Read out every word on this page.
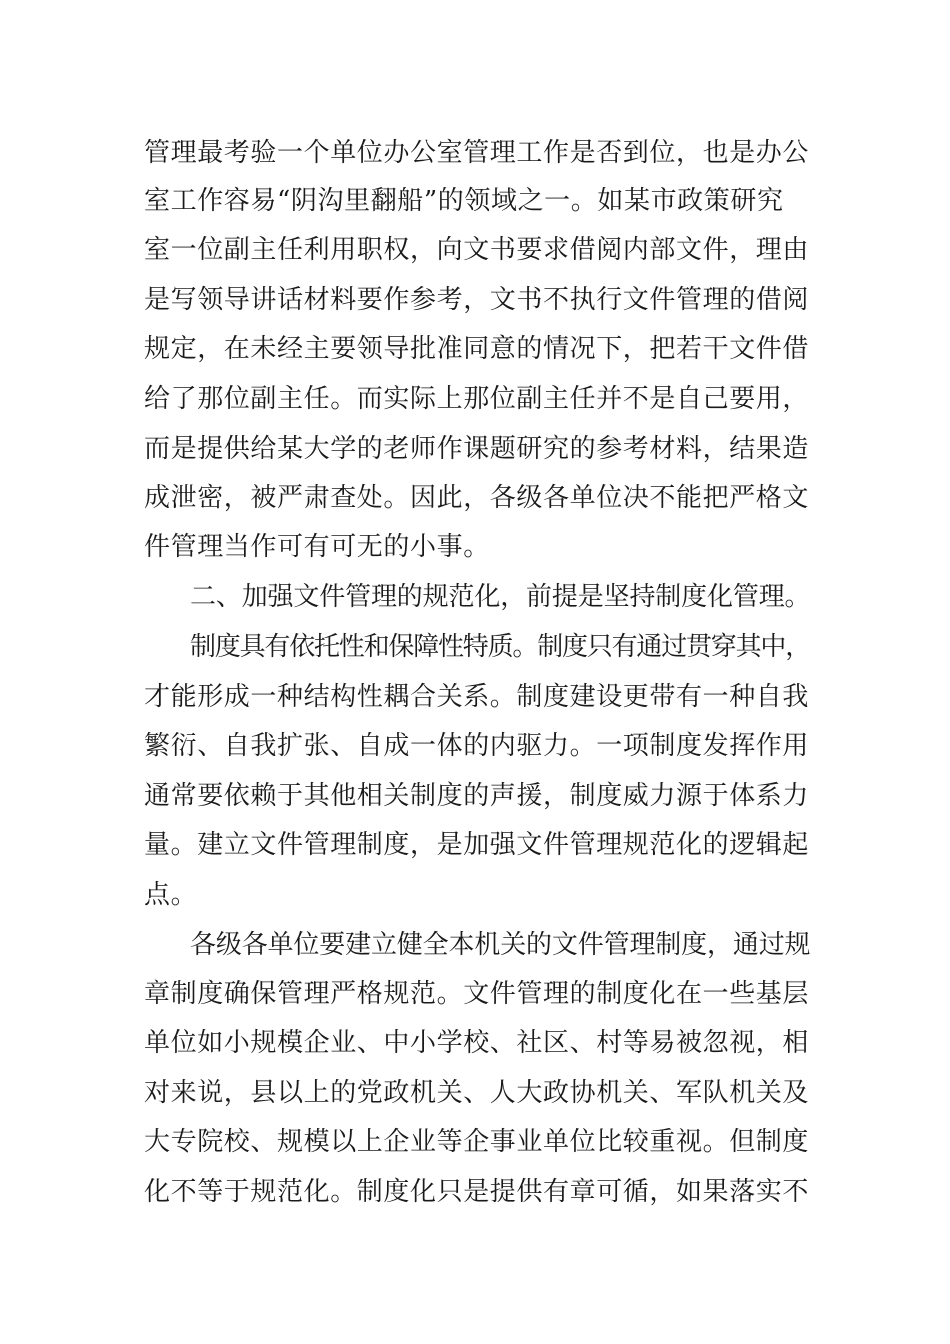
管理最考验一个单位办公室管理工作是否到位，也是办公
室工作容易“阴沟里翻船”的领域之一。如某市政策研究
室一位副主任利用职权，向文书要求借阅内部文件，理由
是写领导讲话材料要作参考，文书不执行文件管理的借阅
规定，在未经主要领导批准同意的情况下，把若干文件借
给了那位副主任。而实际上那位副主任并不是自己要用，
而是提供给某大学的老师作课题研究的参考材料，结果造
成泄密，被严肃查处。因此，各级各单位决不能把严格文
件管理当作可有可无的小事。
二、加强文件管理的规范化，前提是坚持制度化管理。
制度具有依托性和保障性特质。制度只有通过贯穿其中，
才能形成一种结构性耦合关系。制度建设更带有一种自我
繁衍、自我扩张、自成一体的内驱力。一项制度发挥作用
通常要依赖于其他相关制度的声援，制度威力源于体系力
量。建立文件管理制度，是加强文件管理规范化的逻辑起
点。
各级各单位要建立健全本机关的文件管理制度，通过规
章制度确保管理严格规范。文件管理的制度化在一些基层
单位如小规模企业、中小学校、社区、村等易被忽视，相
对来说，县以上的党政机关、人大政协机关、军队机关及
大专院校、规模以上企业等企事业单位比较重视。但制度
化不等于规范化。制度化只是提供有章可循，如果落实不
